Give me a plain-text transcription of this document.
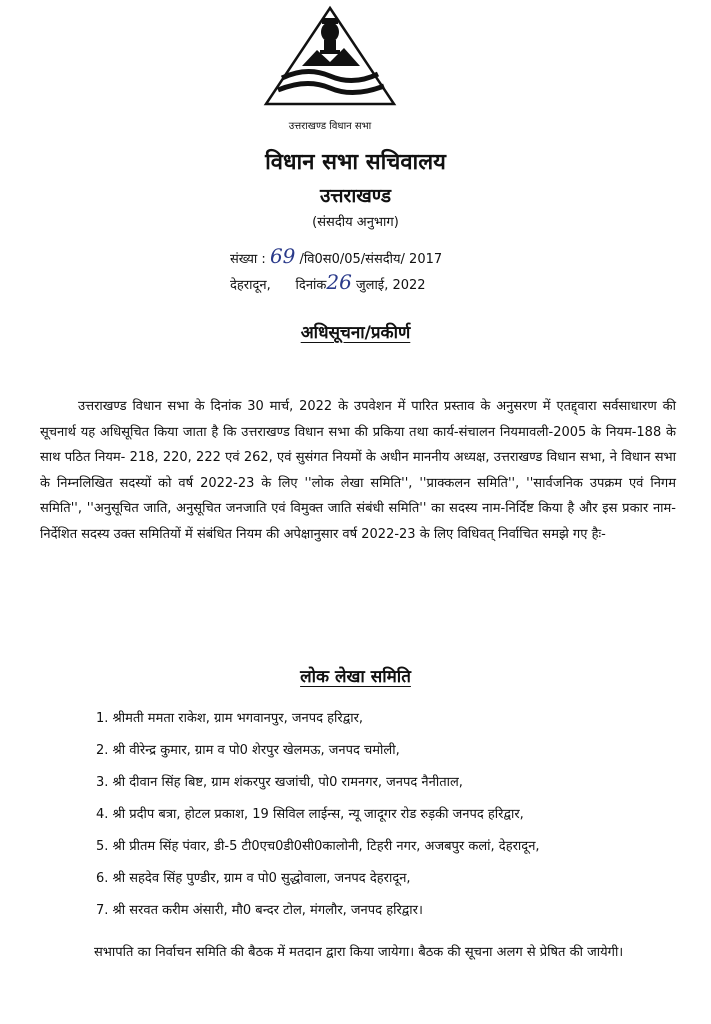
उत्तराखण्ड विधान सभा
विधान सभा सचिवालय
उत्तराखण्ड
(संसदीय अनुभाग)
संख्या : 69 /वि0स0/05/संसदीय/ 2017
देहरादून, दिनांक26 जुलाई, 2022
अधिसूचना/प्रकीर्ण

उत्तराखण्ड विधान सभा के दिनांक 30 मार्च, 2022 के उपवेशन में पारित प्रस्ताव के अनुसरण में एतद्द्वारा सर्वसाधारण की सूचनार्थ यह अधिसूचित किया जाता है कि उत्तराखण्ड विधान सभा की प्रकिया तथा कार्य-संचालन नियमावली-2005 के नियम-188 के साथ पठित नियम- 218, 220, 222 एवं 262, एवं सुसंगत नियमों के अधीन माननीय अध्यक्ष, उत्तराखण्ड विधान सभा, ने विधान सभा के निम्नलिखित सदस्यों को वर्ष 2022-23 के लिए ''लोक लेखा समिति'', ''प्राक्कलन समिति'', ''सार्वजनिक उपक्रम एवं निगम समिति'', ''अनुसूचित जाति, अनुसूचित जनजाति एवं विमुक्त जाति संबंधी समिति'' का सदस्य नाम-निर्दिष्ट किया है और इस प्रकार नाम-निर्देशित सदस्य उक्त समितियों में संबंधित नियम की अपेक्षानुसार वर्ष 2022-23 के लिए विधिवत् निर्वाचित समझे गए हैः-

लोक लेखा समिति
1. श्रीमती ममता राकेश, ग्राम भगवानपुर, जनपद हरिद्वार,
2. श्री वीरेन्द्र कुमार, ग्राम व पो0 शेरपुर खेलमऊ, जनपद चमोली,
3. श्री दीवान सिंह बिष्ट, ग्राम शंकरपुर खजांची, पो0 रामनगर, जनपद नैनीताल,
4. श्री प्रदीप बत्रा, होटल प्रकाश, 19 सिविल लाईन्स, न्यू जादूगर रोड रुड़की जनपद हरिद्वार,
5. श्री प्रीतम सिंह पंवार, डी-5 टी0एच0डी0सी0कालोनी, टिहरी नगर, अजबपुर कलां, देहरादून,
6. श्री सहदेव सिंह पुण्डीर, ग्राम व पो0 सुद्धोवाला, जनपद देहरादून,
7. श्री सरवत करीम अंसारी, मौ0 बन्दर टोल, मंगलौर, जनपद हरिद्वार।

सभापति का निर्वाचन समिति की बैठक में मतदान द्वारा किया जायेगा। बैठक की सूचना अलग से प्रेषित की जायेगी।
